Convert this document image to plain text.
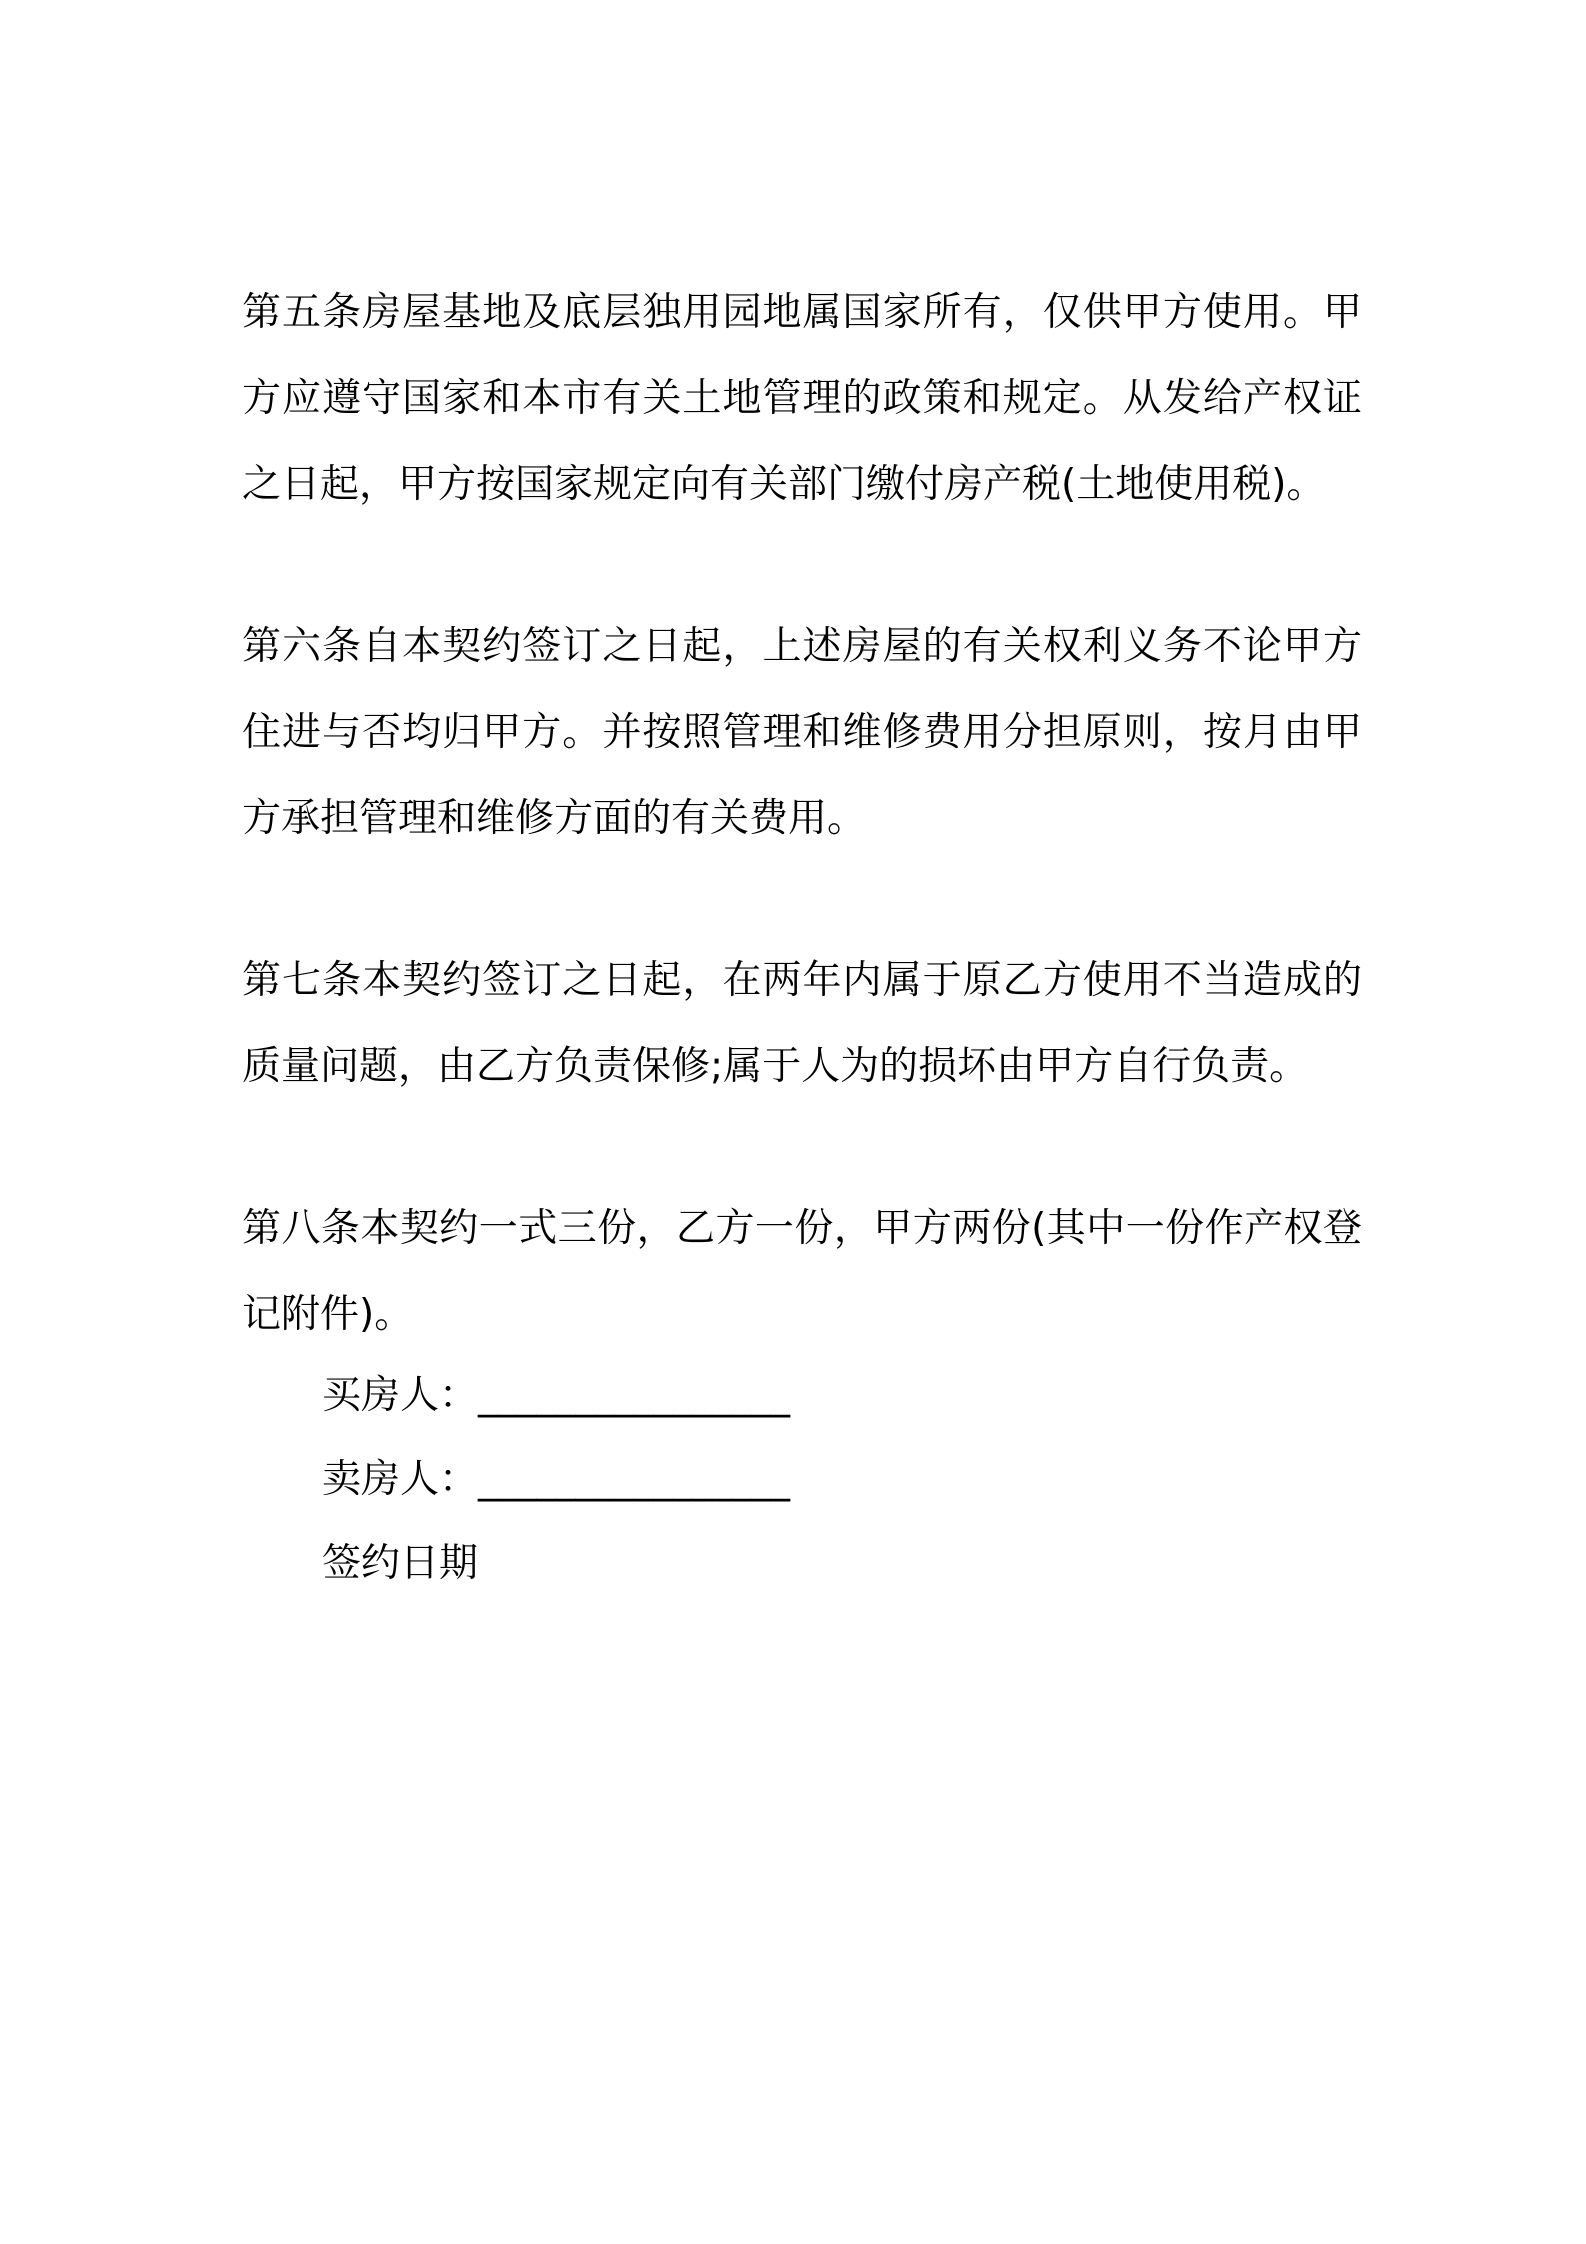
第五条房屋基地及底层独用园地属国家所有，仅供甲方使用。甲方应遵守国家和本市有关土地管理的政策和规定。从发给产权证之日起，甲方按国家规定向有关部门缴付房产税(土地使用税)。

第六条自本契约签订之日起，上述房屋的有关权利义务不论甲方住进与否均归甲方。并按照管理和维修费用分担原则，按月由甲方承担管理和维修方面的有关费用。

第七条本契约签订之日起，在两年内属于原乙方使用不当造成的质量问题，由乙方负责保修;属于人为的损坏由甲方自行负责。

第八条本契约一式三份，乙方一份，甲方两份(其中一份作产权登记附件)。

买房人：________________

卖房人：________________

签约日期
